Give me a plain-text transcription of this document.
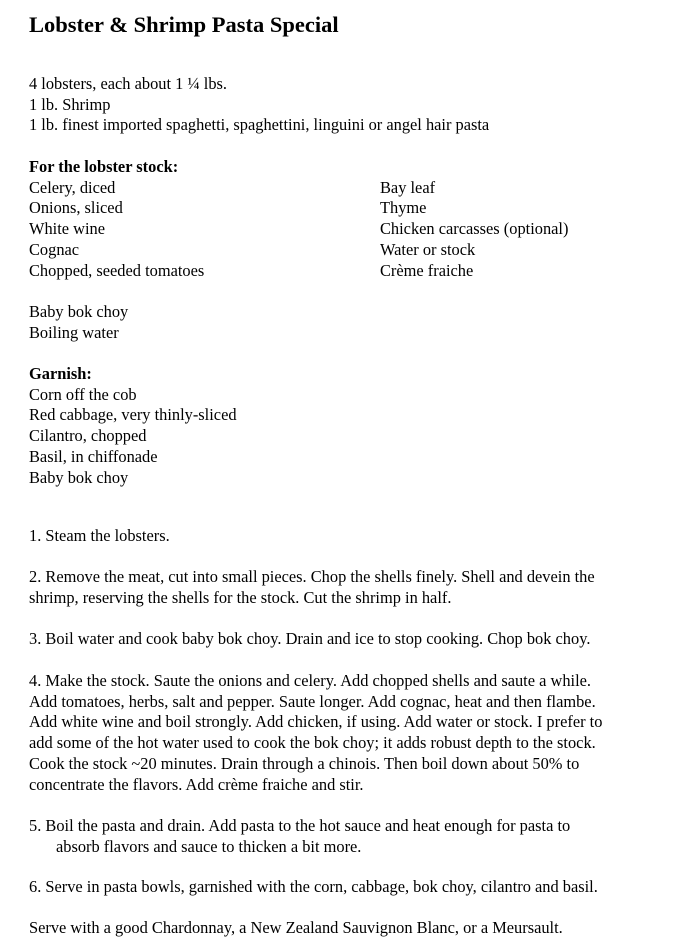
Lobster & Shrimp Pasta Special
4 lobsters, each about 1 ¼ lbs.
1 lb. Shrimp
1 lb. finest imported spaghetti, spaghettini, linguini or angel hair pasta
For the lobster stock:
Celery, diced
Onions, sliced
White wine
Cognac
Chopped, seeded tomatoes
Bay leaf
Thyme
Chicken carcasses (optional)
Water or stock
Crème fraiche
Baby bok choy
Boiling water
Garnish:
Corn off the cob
Red cabbage, very thinly-sliced
Cilantro, chopped
Basil, in chiffonade
Baby bok choy
1. Steam the lobsters.
2. Remove the meat, cut into small pieces. Chop the shells finely. Shell and devein the
shrimp, reserving the shells for the stock. Cut the shrimp in half.
3. Boil water and cook baby bok choy. Drain and ice to stop cooking. Chop bok choy.
4. Make the stock. Saute the onions and celery. Add chopped shells and saute a while.
Add tomatoes, herbs, salt and pepper. Saute longer. Add cognac, heat and then flambe.
Add white wine and boil strongly. Add chicken, if using. Add water or stock. I prefer to
add some of the hot water used to cook the bok choy; it adds robust depth to the stock.
Cook the stock ~20 minutes. Drain through a chinois. Then boil down about 50% to
concentrate the flavors. Add crème fraiche and stir.
5. Boil the pasta and drain. Add pasta to the hot sauce and heat enough for pasta to
absorb flavors and sauce to thicken a bit more.
6. Serve in pasta bowls, garnished with the corn, cabbage, bok choy, cilantro and basil.
Serve with a good Chardonnay, a New Zealand Sauvignon Blanc, or a Meursault.
